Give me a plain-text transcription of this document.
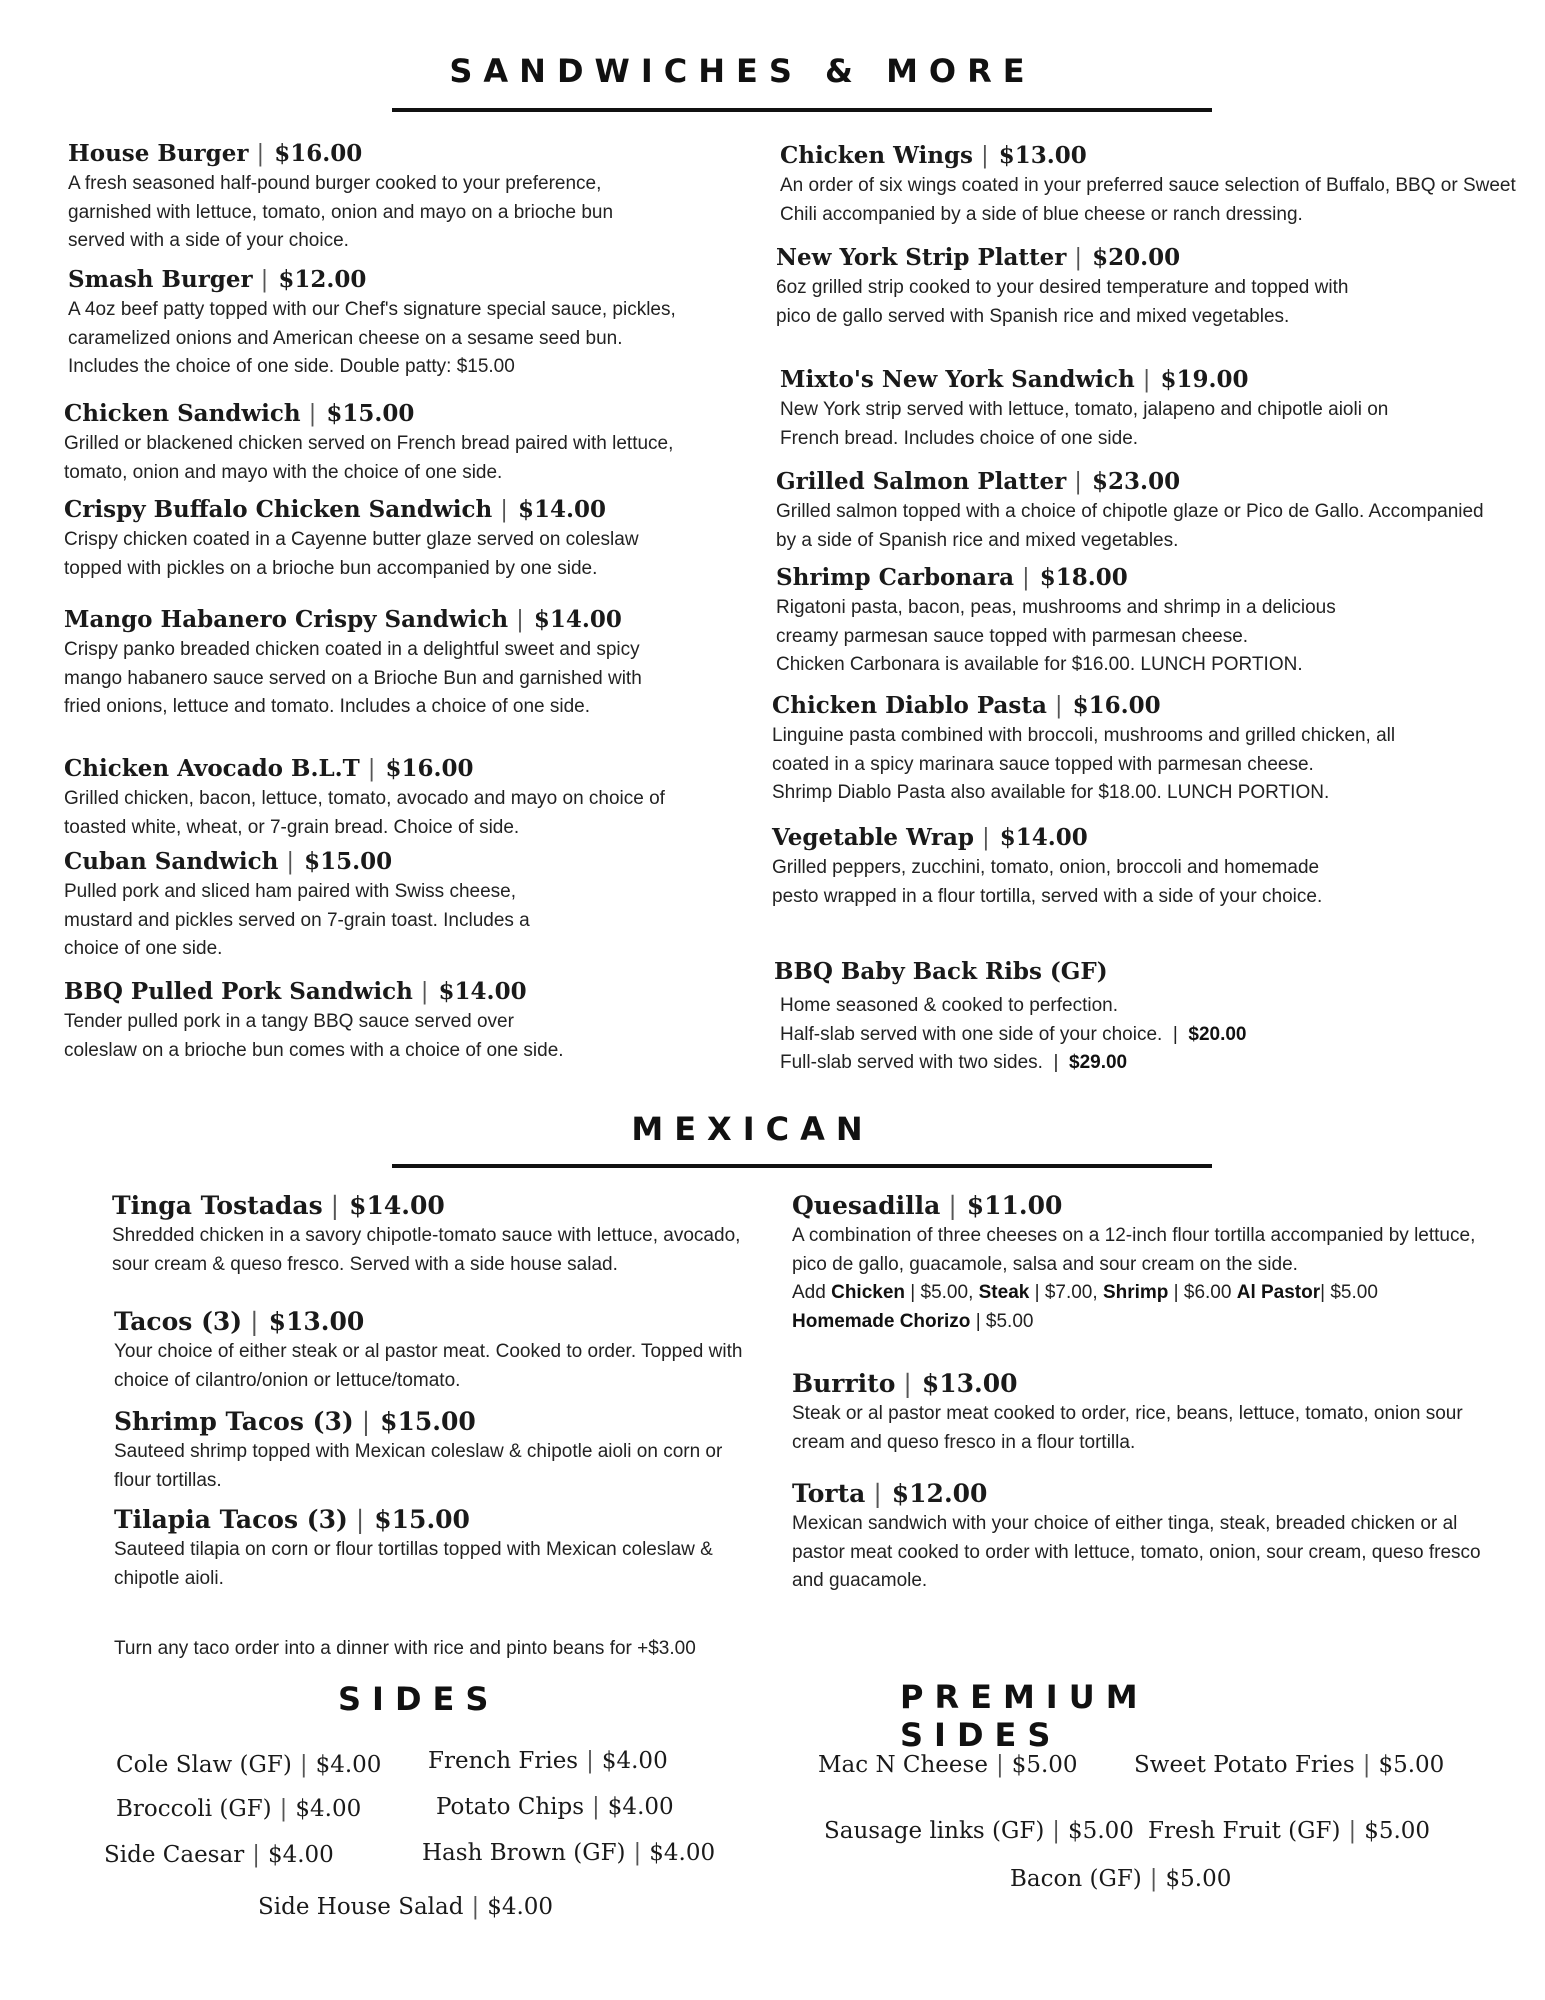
SANDWICHES & MORE
House Burger | $16.00
A fresh seasoned half-pound burger cooked to your preference, garnished with lettuce, tomato, onion and mayo on a brioche bun served with a side of your choice.
Smash Burger | $12.00
A 4oz beef patty topped with our Chef's signature special sauce, pickles, caramelized onions and American cheese on a sesame seed bun. Includes the choice of one side. Double patty: $15.00
Chicken Sandwich | $15.00
Grilled or blackened chicken served on French bread paired with lettuce, tomato, onion and mayo with the choice of one side.
Crispy Buffalo Chicken Sandwich | $14.00
Crispy chicken coated in a Cayenne butter glaze served on coleslaw topped with pickles on a brioche bun accompanied by one side.
Mango Habanero Crispy Sandwich | $14.00
Crispy panko breaded chicken coated in a delightful sweet and spicy mango habanero sauce served on a Brioche Bun and garnished with fried onions, lettuce and tomato. Includes a choice of one side.
Chicken Avocado B.L.T | $16.00
Grilled chicken, bacon, lettuce, tomato, avocado and mayo on choice of toasted white, wheat, or 7-grain bread. Choice of side.
Cuban Sandwich | $15.00
Pulled pork and sliced ham paired with Swiss cheese, mustard and pickles served on 7-grain toast. Includes a choice of one side.
BBQ Pulled Pork Sandwich | $14.00
Tender pulled pork in a tangy BBQ sauce served over coleslaw on a brioche bun comes with a choice of one side.
Chicken Wings | $13.00
An order of six wings coated in your preferred sauce selection of Buffalo, BBQ or Sweet Chili accompanied by a side of blue cheese or ranch dressing.
New York Strip Platter | $20.00
6oz grilled strip cooked to your desired temperature and topped with pico de gallo served with Spanish rice and mixed vegetables.
Mixto's New York Sandwich | $19.00
New York strip served with lettuce, tomato, jalapeno and chipotle aioli on French bread. Includes choice of one side.
Grilled Salmon Platter | $23.00
Grilled salmon topped with a choice of chipotle glaze or Pico de Gallo. Accompanied by a side of Spanish rice and mixed vegetables.
Shrimp Carbonara | $18.00

Rigatoni pasta, bacon, peas, mushrooms and shrimp in a delicious creamy parmesan sauce topped with parmesan cheese.

Chicken Carbonara is available for $16.00. LUNCH PORTION.

Chicken Diablo Pasta | $16.00

Linguine pasta combined with broccoli, mushrooms and grilled chicken, all coated in a spicy marinara sauce topped with parmesan cheese.

Shrimp Diablo Pasta also available for $18.00. LUNCH PORTION.

Vegetable Wrap | $14.00
Grilled peppers, zucchini, tomato, onion, broccoli and homemade pesto wrapped in a flour tortilla, served with a side of your choice.
BBQ Baby Back Ribs (GF)

Home seasoned & cooked to perfection.

Half-slab served with one side of your choice.  |  $20.00

Full-slab served with two sides.  |  $29.00

MEXICAN
Tinga Tostadas | $14.00
Shredded chicken in a savory chipotle-tomato sauce with lettuce, avocado, sour cream & queso fresco. Served with a side house salad.
Tacos (3) | $13.00
Your choice of either steak or al pastor meat. Cooked to order. Topped with choice of cilantro/onion or lettuce/tomato.
Shrimp Tacos (3) | $15.00
Sauteed shrimp topped with Mexican coleslaw & chipotle aioli on corn or flour tortillas.
Tilapia Tacos (3) | $15.00
Sauteed tilapia on corn or flour tortillas topped with Mexican coleslaw & chipotle aioli.
Turn any taco order into a dinner with rice and pinto beans for +$3.00
Quesadilla | $11.00

A combination of three cheeses on a 12-inch flour tortilla accompanied by lettuce, pico de gallo, guacamole, salsa and sour cream on the side.

Add Chicken | $5.00, Steak | $7.00, Shrimp | $6.00 Al Pastor| $5.00
Homemade Chorizo | $5.00

Burrito | $13.00
Steak or al pastor meat cooked to order, rice, beans, lettuce, tomato, onion sour cream and queso fresco in a flour tortilla.
Torta | $12.00
Mexican sandwich with your choice of either tinga, steak, breaded chicken or al pastor meat cooked to order with lettuce, tomato, onion, sour cream, queso fresco and guacamole.
SIDES	PREMIUM SIDES
Cole Slaw (GF) | $4.00 French Fries | $4.00
Broccoli (GF) | $4.00	Potato Chips | $4.00
Side Caesar | $4.00	Hash Brown (GF) | $4.00
Side House Salad | $4.00
Mac N Cheese | $5.00 Sweet Potato Fries | $5.00
Sausage links (GF) | $5.00 Fresh Fruit (GF) | $5.00
Bacon (GF) | $5.00
